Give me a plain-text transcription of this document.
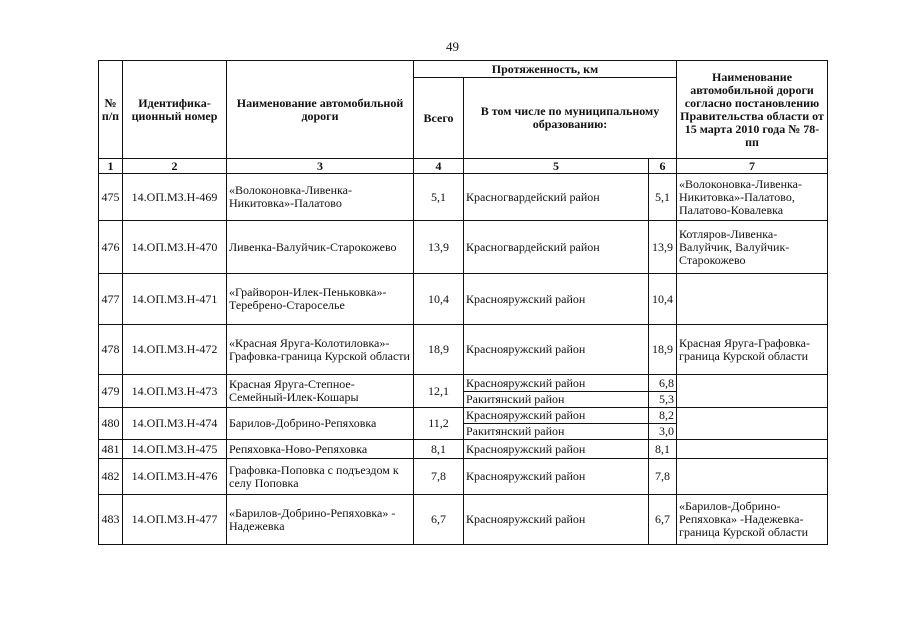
49
№ п/п	Идентифика-ционный номер	Наименование автомобильной дороги	Протяженность, км			Наименование автомобильной дороги согласно постановлению Правительства области от 15 марта 2010 года № 78-пп
			Всего	В том числе по муниципальному образованию:		
1	2	3	4	5	6	7
475	14.ОП.МЗ.Н-469	«Волоконовка-Ливенка-Никитовка»-Палатово	5,1	Красногвардейский район	5,1	«Волоконовка-Ливенка-Никитовка»-Палатово, Палатово-Ковалевка
476	14.ОП.МЗ.Н-470	Ливенка-Валуйчик-Старокожево	13,9	Красногвардейский район	13,9	Котляров-Ливенка-Валуйчик, Валуйчик-Старокожево
477	14.ОП.МЗ.Н-471	«Грайворон-Илек-Пеньковка»-Теребрено-Староселье	10,4	Краснояружский район	10,4	
478	14.ОП.МЗ.Н-472	«Красная Яруга-Колотиловка»-Графовка-граница Курской области	18,9	Краснояружский район	18,9	Красная Яруга-Графовка-граница Курской области
479	14.ОП.МЗ.Н-473	Красная Яруга-Степное-Семейный-Илек-Кошары	12,1	Краснояружский район	6,8	
				Ракитянский район	5,3	
480	14.ОП.МЗ.Н-474	Барилов-Добрино-Репяховка	11,2	Краснояружский район	8,2	
				Ракитянский район	3,0	
481	14.ОП.МЗ.Н-475	Репяховка-Ново-Репяховка	8,1	Краснояружский район	8,1	
482	14.ОП.МЗ.Н-476	Графовка-Поповка с подъездом к селу Поповка	7,8	Краснояружский район	7,8	
483	14.ОП.МЗ.Н-477	«Барилов-Добрино-Репяховка» - Надежевка	6,7	Краснояружский район	6,7	«Барилов-Добрино-Репяховка» -Надежевка-граница Курской области
